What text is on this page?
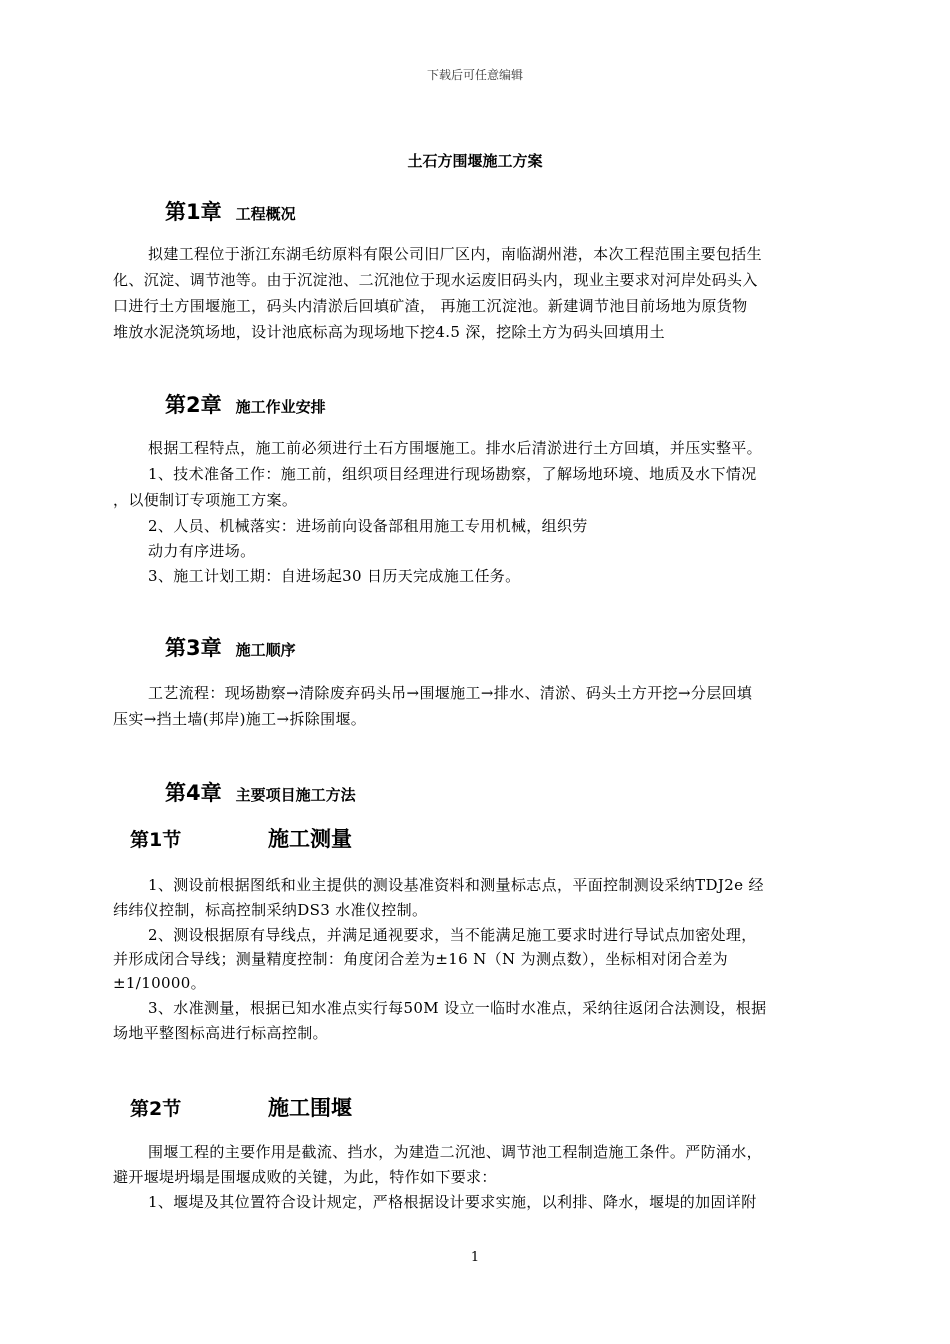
下载后可任意编辑
土石方围堰施工方案
第1章 工程概况
拟建工程位于浙江东湖毛纺原料有限公司旧厂区内，南临湖州港，本次工程范围主要包括生
化、沉淀、调节池等。由于沉淀池、二沉池位于现水运废旧码头内，现业主要求对河岸处码头入
口进行土方围堰施工，码头内清淤后回填矿渣， 再施工沉淀池。新建调节池目前场地为原货物
堆放水泥浇筑场地，设计池底标高为现场地下挖4.5 深，挖除土方为码头回填用土
第2章 施工作业安排
根据工程特点，施工前必须进行土石方围堰施工。排水后清淤进行土方回填，并压实整平。
1、技术准备工作：施工前，组织项目经理进行现场勘察，了解场地环境、地质及水下情况
，以便制订专项施工方案。
2、人员、机械落实：进场前向设备部租用施工专用机械，组织劳
动力有序进场。
3、施工计划工期：自进场起30 日历天完成施工任务。
第3章 施工顺序
工艺流程：现场勘察→清除废弃码头吊→围堰施工→排水、清淤、码头土方开挖→分层回填
压实→挡土墙(邦岸)施工→拆除围堰。
第4章 主要项目施工方法
第1节	施工测量
1、测设前根据图纸和业主提供的测设基准资料和测量标志点，平面控制测设采纳TDJ2e 经
纬纬仪控制，标高控制采纳DS3 水准仪控制。
2、测设根据原有导线点，并满足通视要求，当不能满足施工要求时进行导试点加密处理，
并形成闭合导线；测量精度控制：角度闭合差为±16 N（N 为测点数），坐标相对闭合差为
±1/10000。
3、水准测量，根据已知水准点实行每50M 设立一临时水准点，采纳往返闭合法测设，根据
场地平整图标高进行标高控制。
第2节	施工围堰
围堰工程的主要作用是截流、挡水，为建造二沉池、调节池工程制造施工条件。严防涌水，
避开堰堤坍塌是围堰成败的关键，为此，特作如下要求：
1、堰堤及其位置符合设计规定，严格根据设计要求实施，以利排、降水，堰堤的加固详附
1
